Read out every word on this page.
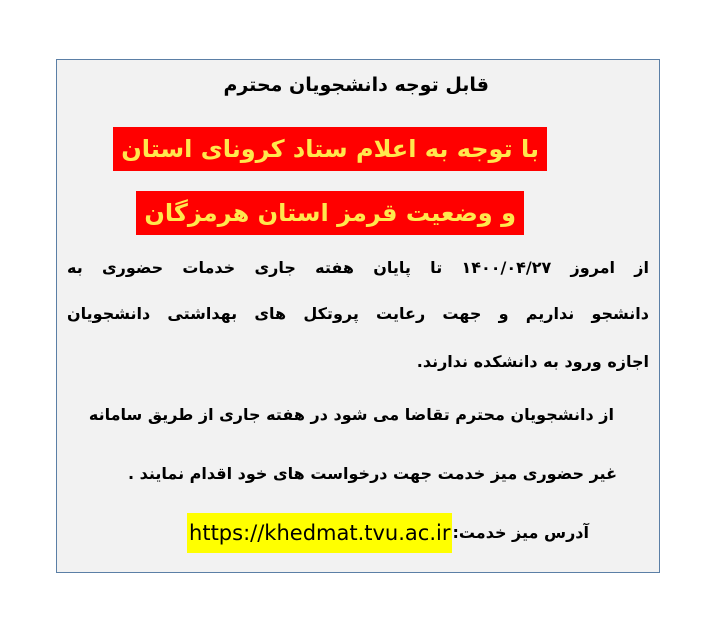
قابل توجه دانشجویان محترم
با توجه به اعلام ستاد کرونای استان
و وضعیت قرمز استان هرمزگان
از امروز ۱۴۰۰/۰۴/۲۷ تا پایان هفته جاری خدمات حضوری به
دانشجو نداریم و جهت رعایت پروتکل های بهداشتی دانشجویان
اجازه ورود به دانشکده ندارند.
از دانشجویان محترم تقاضا می شود در هفته جاری از طریق سامانه
غیر حضوری میز خدمت جهت درخواست های خود اقدام نمایند .
آدرس میز خدمت:
https://khedmat.tvu.ac.ir
